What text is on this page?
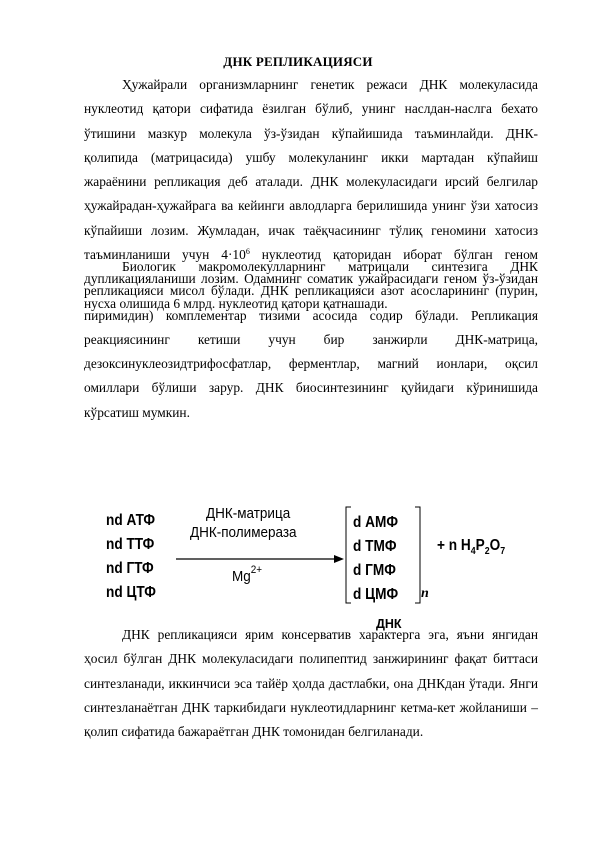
ДНК РЕПЛИКАЦИЯСИ

Ҳужайрали организмларнинг генетик режаси ДНК молекуласида нуклеотид қатори сифатида ёзилган бўлиб, унинг наслдан-наслга бехато ўтишини мазкур молекула ўз-ўзидан кўпайишида таъминлайди. ДНК-қолипида (матрицасида) ушбу молекуланинг икки мартадан кўпайиш жараёнини репликация деб аталади. ДНК молекуласидаги ирсий белгилар ҳужайрадан-ҳужайрага ва кейинги авлодларга берилишида унинг ўзи хатосиз кўпайиши лозим. Жумладан, ичак таёқчасининг тўлиқ геномини хатосиз таъминланиши учун $4\cdot 10^6$ нуклеотид қаторидан иборат бўлган геном дупликацияланиши лозим. Одамнинг соматик ужайрасидаги геном ўз-ўзидан нусха олишида 6 млрд. нуклеотид қатори қатнашади.

Биологик макромолекулларнинг матрицали синтезига ДНК репликацияси мисол бўлади. ДНК репликацияси азот асосларининг (пурин, пиримидин) комплементар тизими асосида содир бўлади. Репликация реакциясининг кетиши учун бир занжирли ДНК-матрица, дезоксинуклеозидтрифосфатлар, ферментлар, магний ионлари, оқсил омиллари бўлиши зарур. ДНК биосинтезининг қуйидаги кўринишида кўрсатиш мумкин.

nd АТФ
nd ТТФ
nd ГТФ
nd ЦТФ
ДНК-матрица
ДНК-полимераза
$Mg^{2+}$
d АМФ
d ТМФ
d ГМФ
d ЦМФ n
+ n $H_4P_2O_7$
ДНК

ДНК репликацияси ярим консерватив характерга эга, яъни янгидан ҳосил бўлган ДНК молекуласидаги полипептид занжирининг фақат биттаси синтезланади, иккинчиси эса тайёр ҳолда дастлабки, она ДНКдан ўтади. Янги синтезланаётган ДНК таркибидаги нуклеотидларнинг кетма-кет жойланиши – қолип сифатида бажараётган ДНК томонидан белгиланади.
